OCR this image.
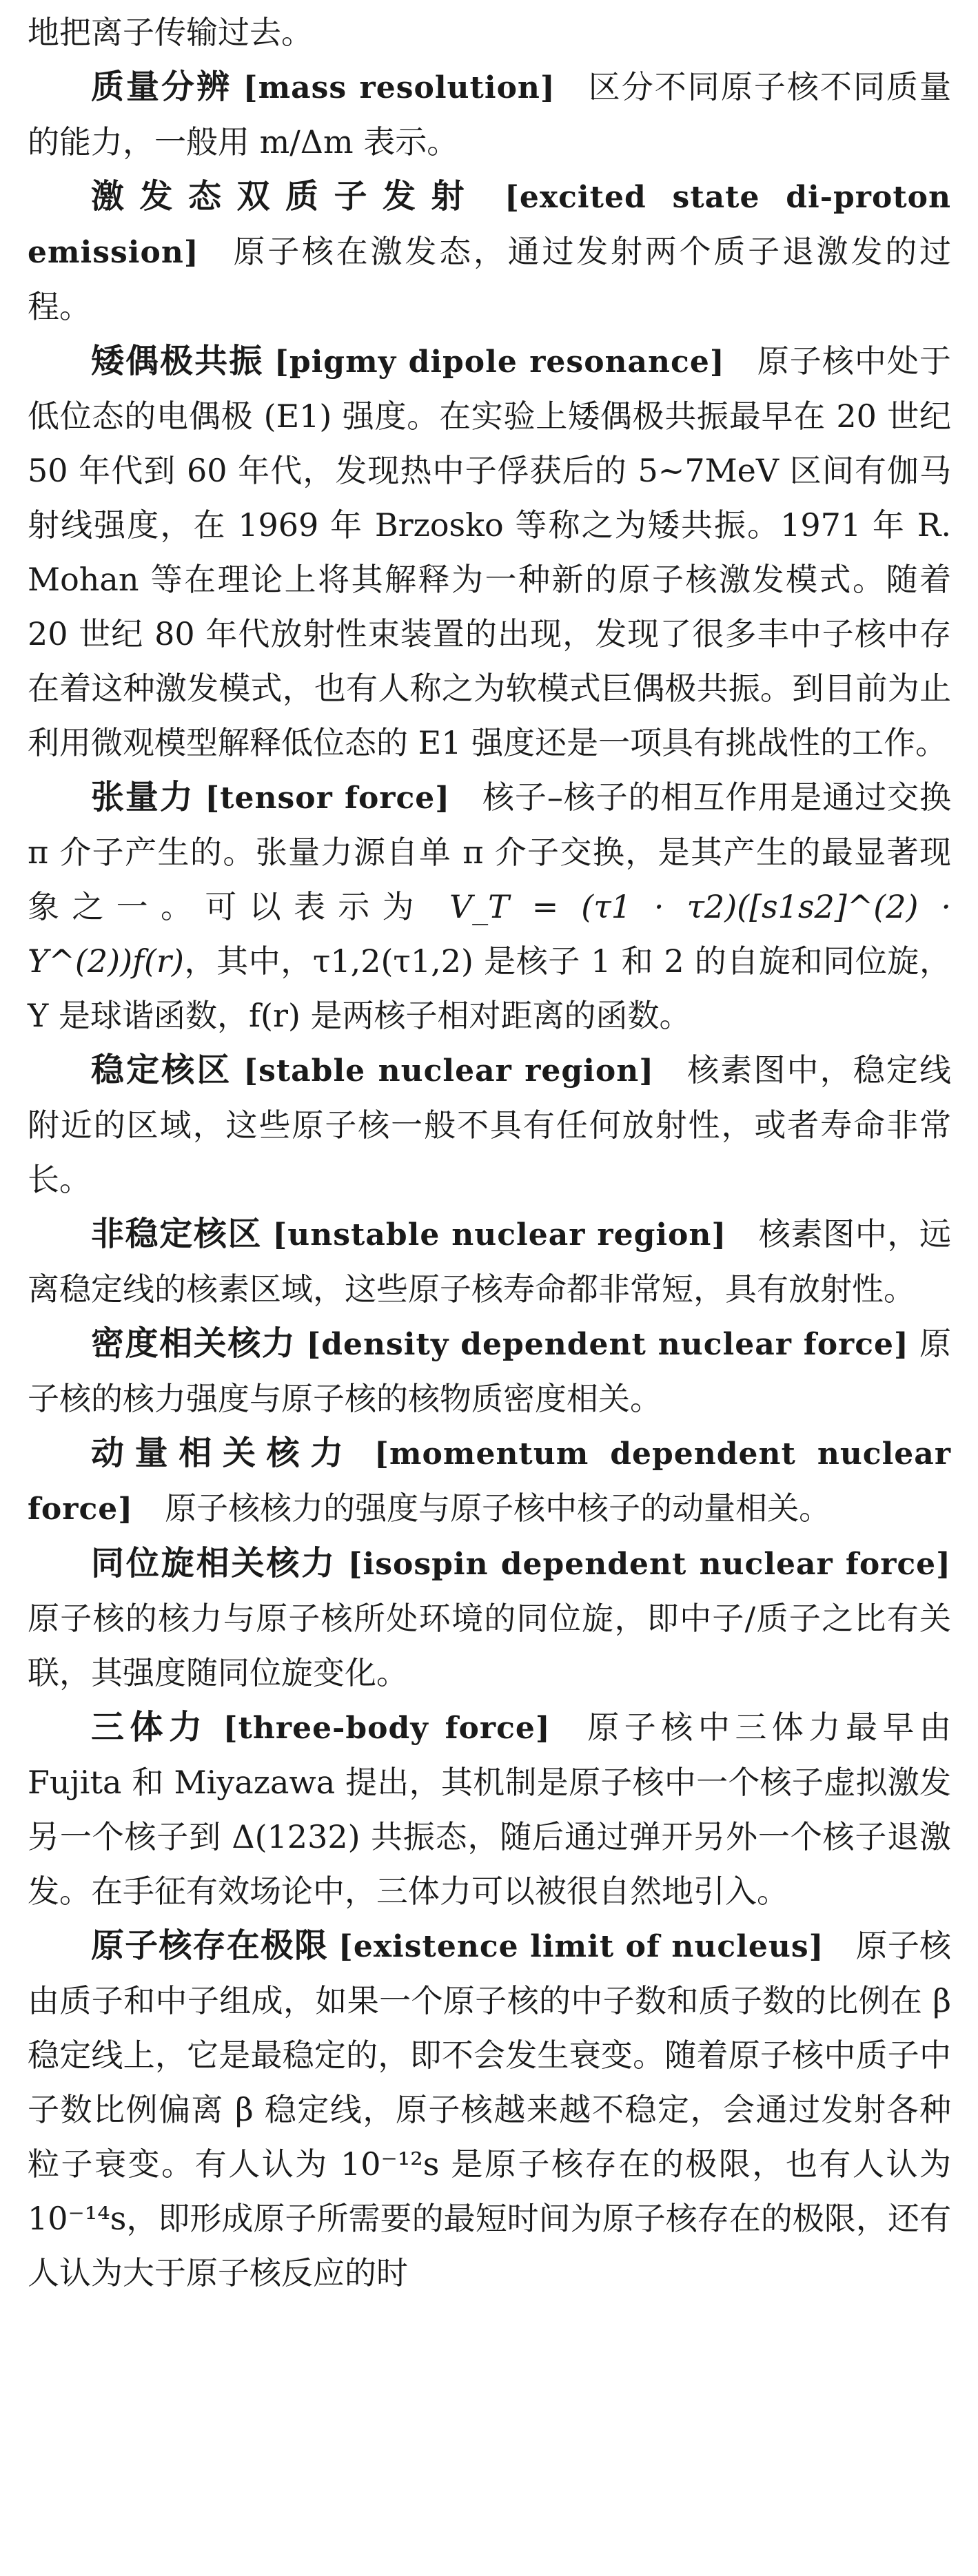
地把离子传输过去。

质量分辨 [mass resolution] 区分不同原子核不同质量的能力，一般用 m/Δm 表示。

激发态双质子发射 [excited state di-proton emission] 原子核在激发态，通过发射两个质子退激发的过程。

矮偶极共振 [pigmy dipole resonance] 原子核中处于低位态的电偶极 (E1) 强度。在实验上矮偶极共振最早在 20 世纪 50 年代到 60 年代，发现热中子俘获后的 5~7MeV 区间有伽马射线强度，在 1969 年 Brzosko 等称之为矮共振。1971 年 R. Mohan 等在理论上将其解释为一种新的原子核激发模式。随着 20 世纪 80 年代放射性束装置的出现，发现了很多丰中子核中存在着这种激发模式，也有人称之为软模式巨偶极共振。到目前为止利用微观模型解释低位态的 E1 强度还是一项具有挑战性的工作。

张量力 [tensor force] 核子–核子的相互作用是通过交换 π 介子产生的。张量力源自单 π 介子交换，是其产生的最显著现象之一。可以表示为 V_T = (τ1 · τ2)([s1s2]^(2) · Y^(2))f(r)，其中，τ1,2(τ1,2) 是核子 1 和 2 的自旋和同位旋，Y 是球谐函数，f(r) 是两核子相对距离的函数。

稳定核区 [stable nuclear region] 核素图中，稳定线附近的区域，这些原子核一般不具有任何放射性，或者寿命非常长。

非稳定核区 [unstable nuclear region] 核素图中，远离稳定线的核素区域，这些原子核寿命都非常短，具有放射性。

密度相关核力 [density dependent nuclear force] 原子核的核力强度与原子核的核物质密度相关。

动量相关核力 [momentum dependent nuclear force] 原子核核力的强度与原子核中核子的动量相关。

同位旋相关核力 [isospin dependent nuclear force] 原子核的核力与原子核所处环境的同位旋，即中子/质子之比有关联，其强度随同位旋变化。

三体力 [three-body force] 原子核中三体力最早由 Fujita 和 Miyazawa 提出，其机制是原子核中一个核子虚拟激发另一个核子到 Δ(1232) 共振态，随后通过弹开另外一个核子退激发。在手征有效场论中，三体力可以被很自然地引入。

原子核存在极限 [existence limit of nucleus] 原子核由质子和中子组成，如果一个原子核的中子数和质子数的比例在 β 稳定线上，它是最稳定的，即不会发生衰变。随着原子核中质子中子数比例偏离 β 稳定线，原子核越来越不稳定，会通过发射各种粒子衰变。有人认为 10⁻¹²s 是原子核存在的极限，也有人认为 10⁻¹⁴s，即形成原子所需要的最短时间为原子核存在的极限，还有人认为大于原子核反应的时
